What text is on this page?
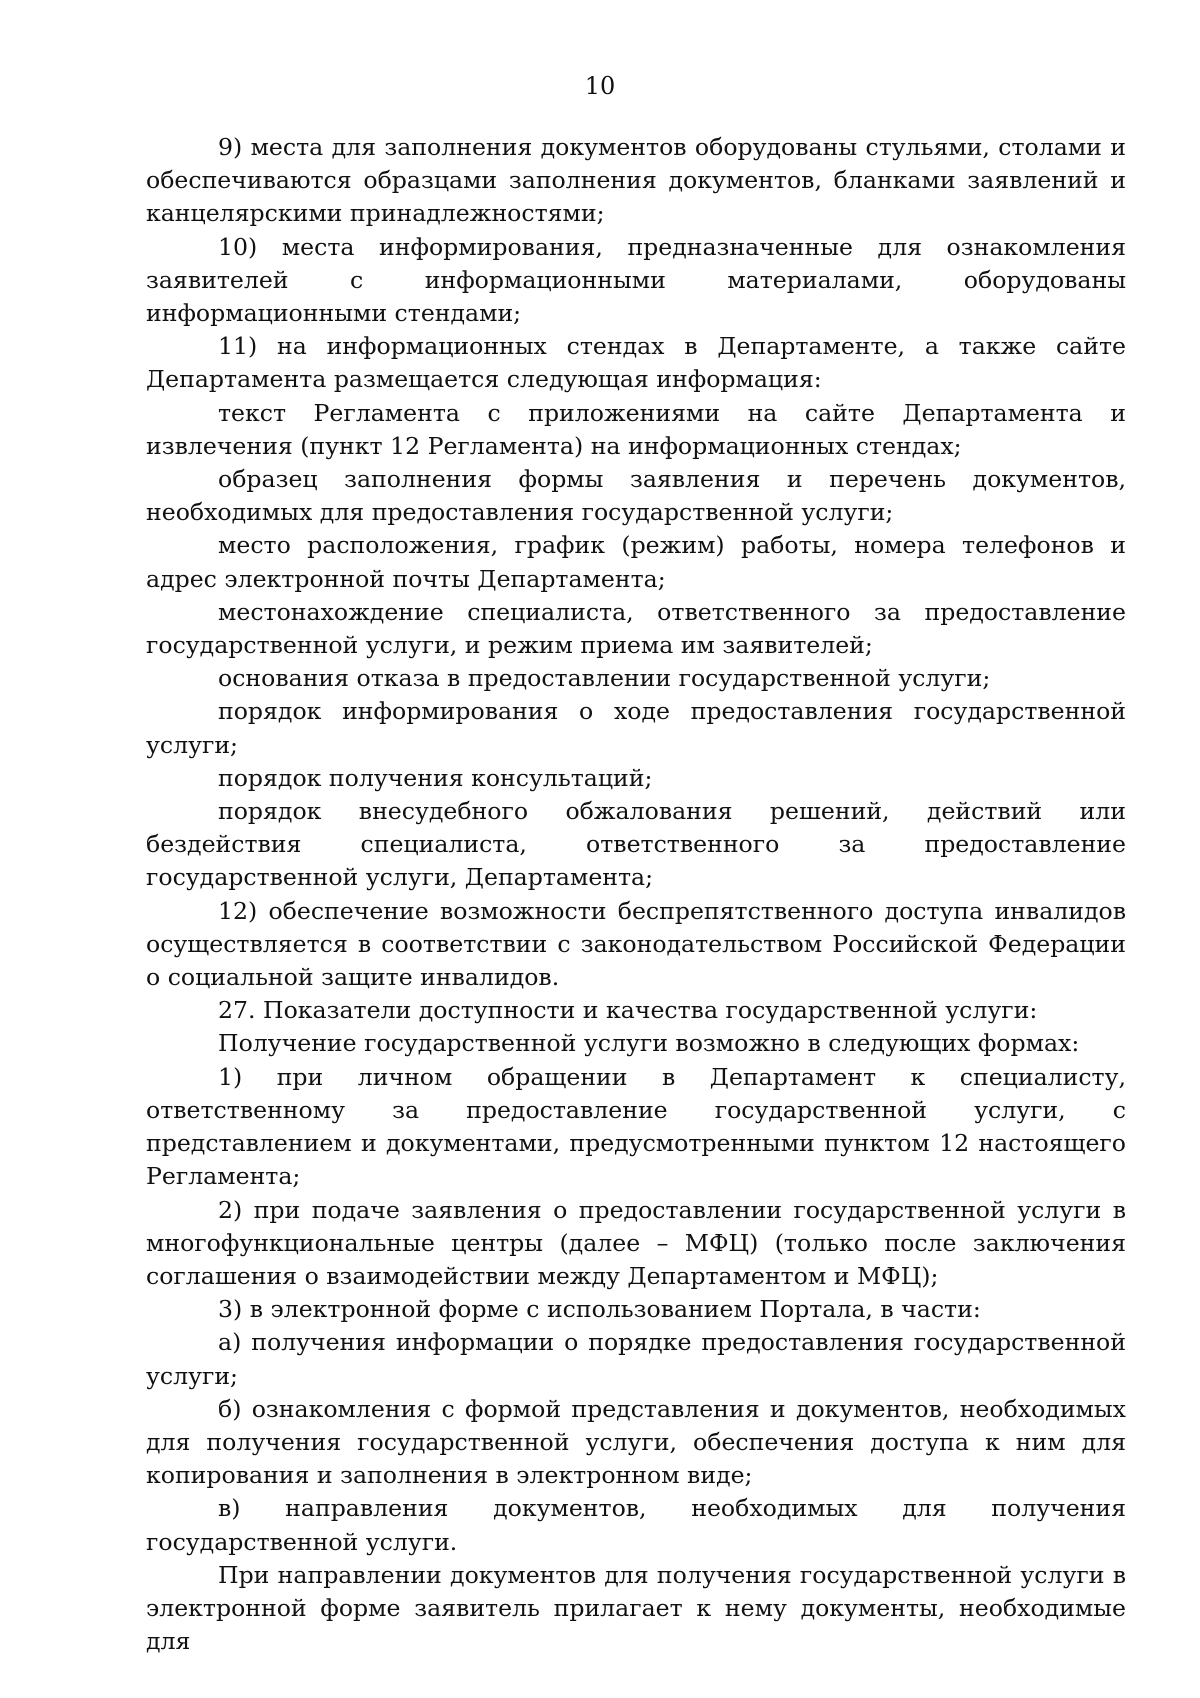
10

9) места для заполнения документов оборудованы стульями, столами и обеспечиваются образцами заполнения документов, бланками заявлений и канцелярскими принадлежностями;

10) места информирования, предназначенные для ознакомления заявителей с информационными материалами, оборудованы информационными стендами;

11) на информационных стендах в Департаменте, а также сайте Департамента размещается следующая информация:

текст Регламента с приложениями на сайте Департамента и извлечения (пункт 12 Регламента) на информационных стендах;

образец заполнения формы заявления и перечень документов, необходимых для предоставления государственной услуги;

место расположения, график (режим) работы, номера телефонов и адрес электронной почты Департамента;

местонахождение специалиста, ответственного за предоставление государственной услуги, и режим приема им заявителей;

основания отказа в предоставлении государственной услуги;

порядок информирования о ходе предоставления государственной услуги;

порядок получения консультаций;

порядок внесудебного обжалования решений, действий или бездействия специалиста, ответственного за предоставление государственной услуги, Департамента;

12) обеспечение возможности беспрепятственного доступа инвалидов осуществляется в соответствии с законодательством Российской Федерации о социальной защите инвалидов.

27. Показатели доступности и качества государственной услуги:

Получение государственной услуги возможно в следующих формах:

1) при личном обращении в Департамент к специалисту, ответственному за предоставление государственной услуги, с представлением и документами, предусмотренными пунктом 12 настоящего Регламента;

2) при подаче заявления о предоставлении государственной услуги в многофункциональные центры (далее – МФЦ) (только после заключения соглашения о взаимодействии между Департаментом и МФЦ);

3) в электронной форме с использованием Портала, в части:

а) получения информации о порядке предоставления государственной услуги;

б) ознакомления с формой представления и документов, необходимых для получения государственной услуги, обеспечения доступа к ним для копирования и заполнения в электронном виде;

в) направления документов, необходимых для получения государственной услуги.

При направлении документов для получения государственной услуги в электронной форме заявитель прилагает к нему документы, необходимые для
